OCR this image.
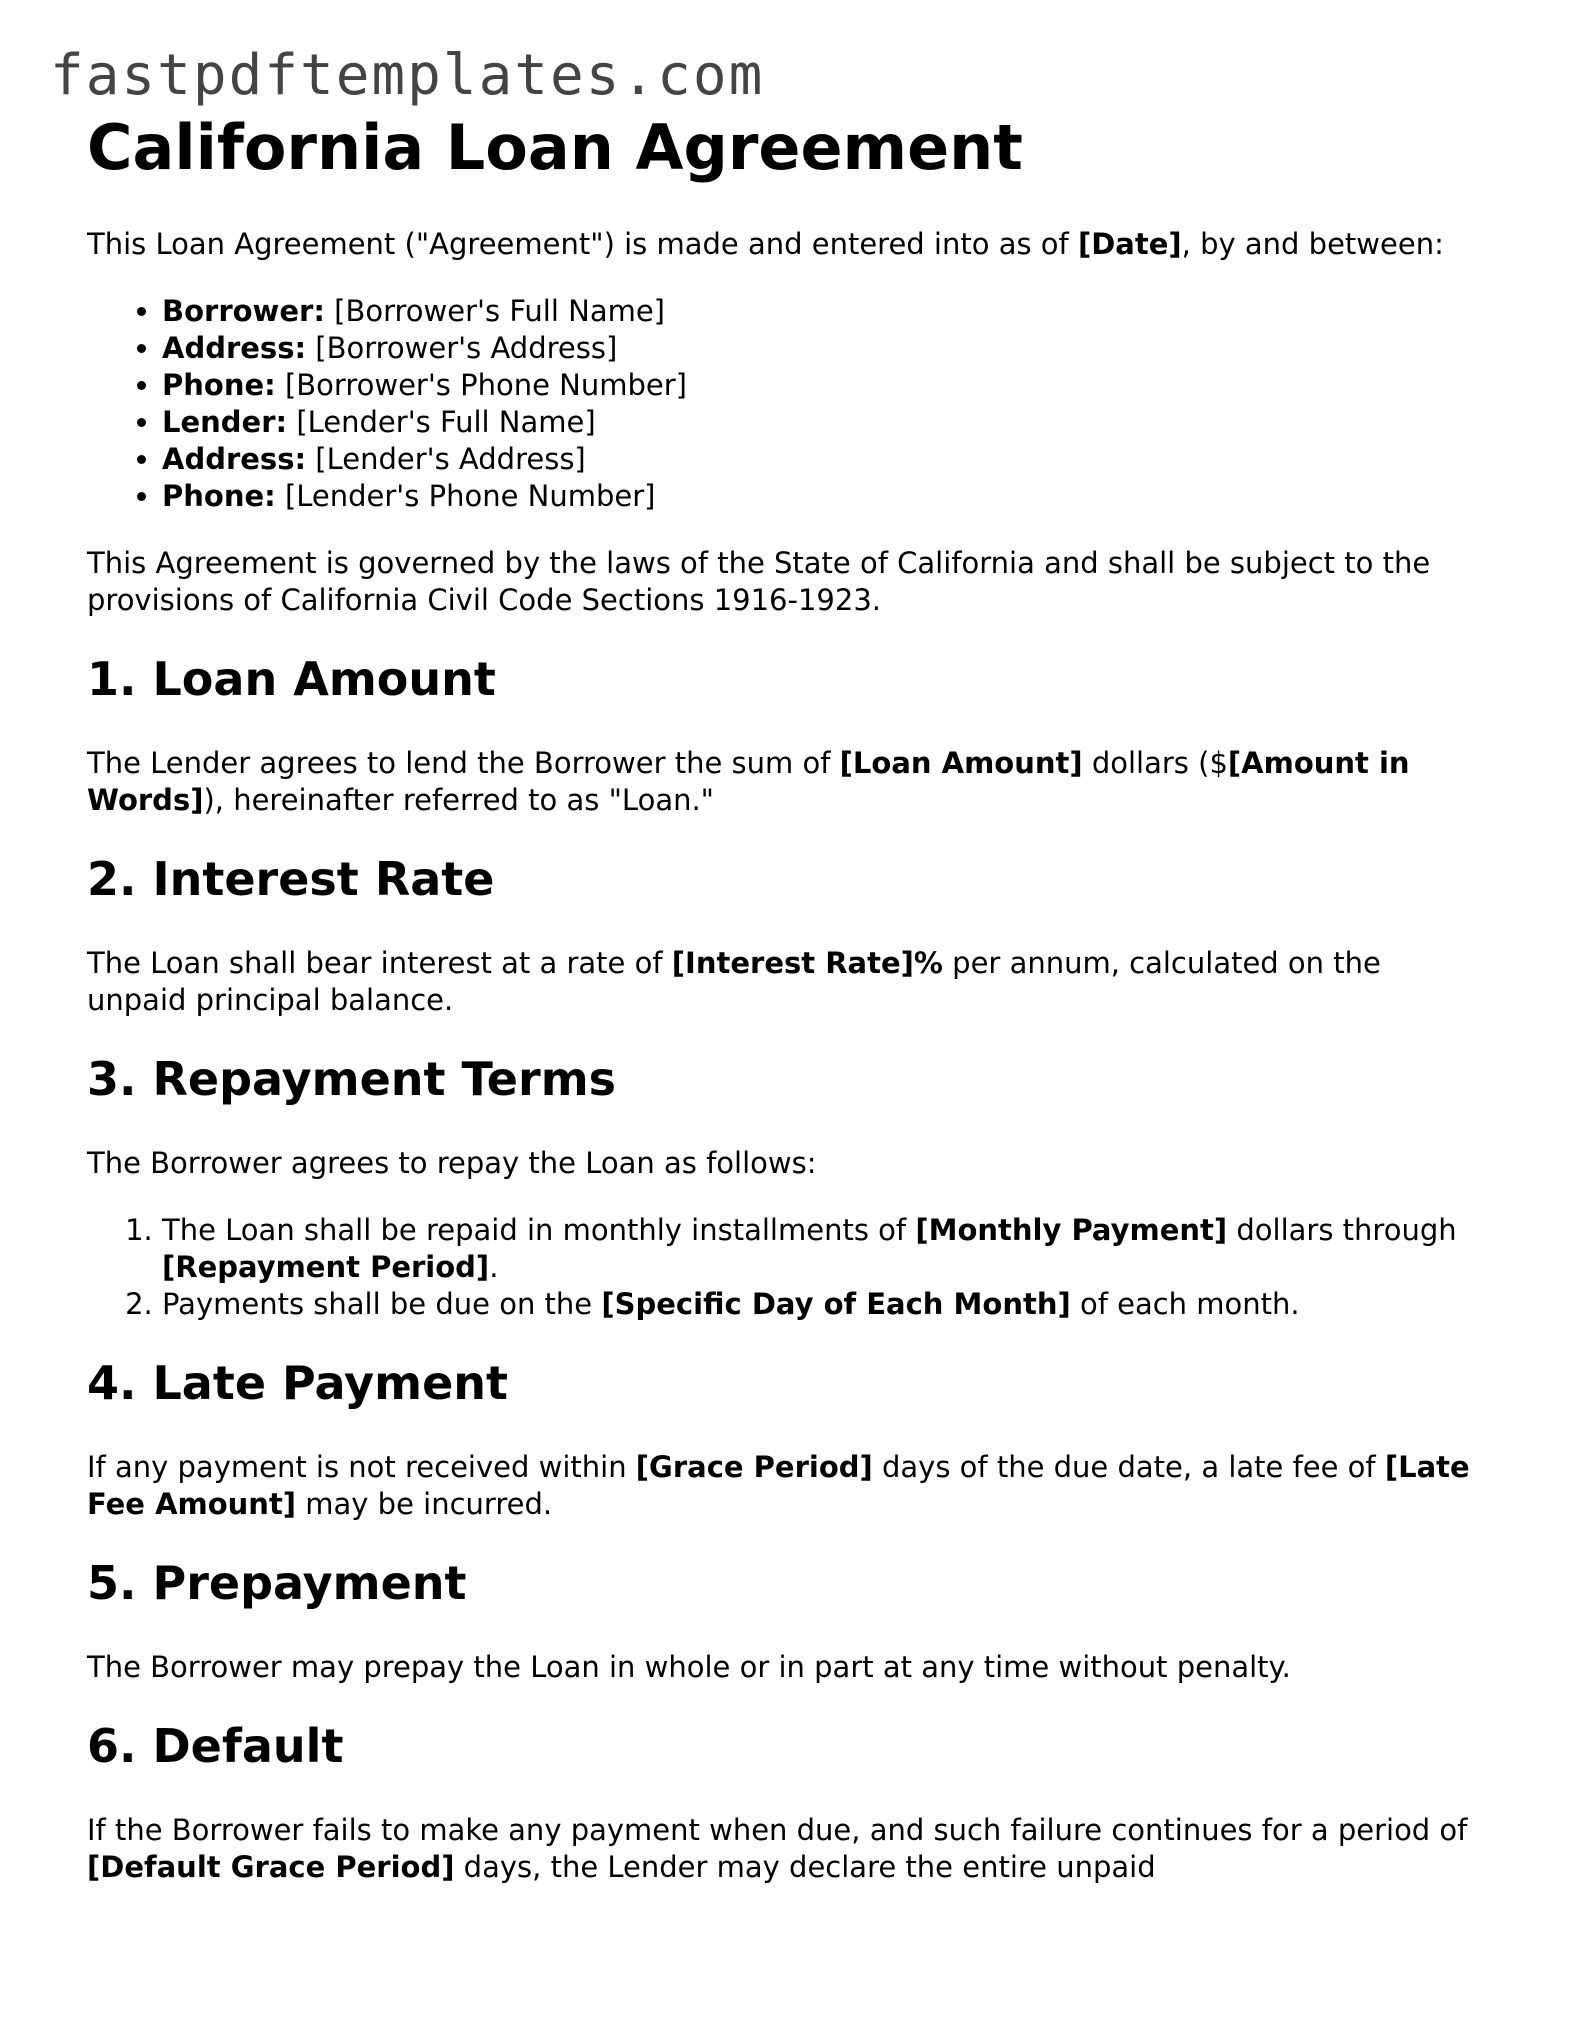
fastpdftemplates.com
California Loan Agreement

This Loan Agreement ("Agreement") is made and entered into as of [Date], by and between:

• Borrower: [Borrower's Full Name]
• Address: [Borrower's Address]
• Phone: [Borrower's Phone Number]
• Lender: [Lender's Full Name]
• Address: [Lender's Address]
• Phone: [Lender's Phone Number]

This Agreement is governed by the laws of the State of California and shall be subject to the provisions of California Civil Code Sections 1916-1923.

1. Loan Amount

The Lender agrees to lend the Borrower the sum of [Loan Amount] dollars ($[Amount in Words]), hereinafter referred to as "Loan."

2. Interest Rate

The Loan shall bear interest at a rate of [Interest Rate]% per annum, calculated on the unpaid principal balance.

3. Repayment Terms

The Borrower agrees to repay the Loan as follows:

1. The Loan shall be repaid in monthly installments of [Monthly Payment] dollars through [Repayment Period].
2. Payments shall be due on the [Specific Day of Each Month] of each month.
4. Late Payment

If any payment is not received within [Grace Period] days of the due date, a late fee of [Late Fee Amount] may be incurred.

5. Prepayment

The Borrower may prepay the Loan in whole or in part at any time without penalty.

6. Default

If the Borrower fails to make any payment when due, and such failure continues for a period of [Default Grace Period] days, the Lender may declare the entire unpaid
